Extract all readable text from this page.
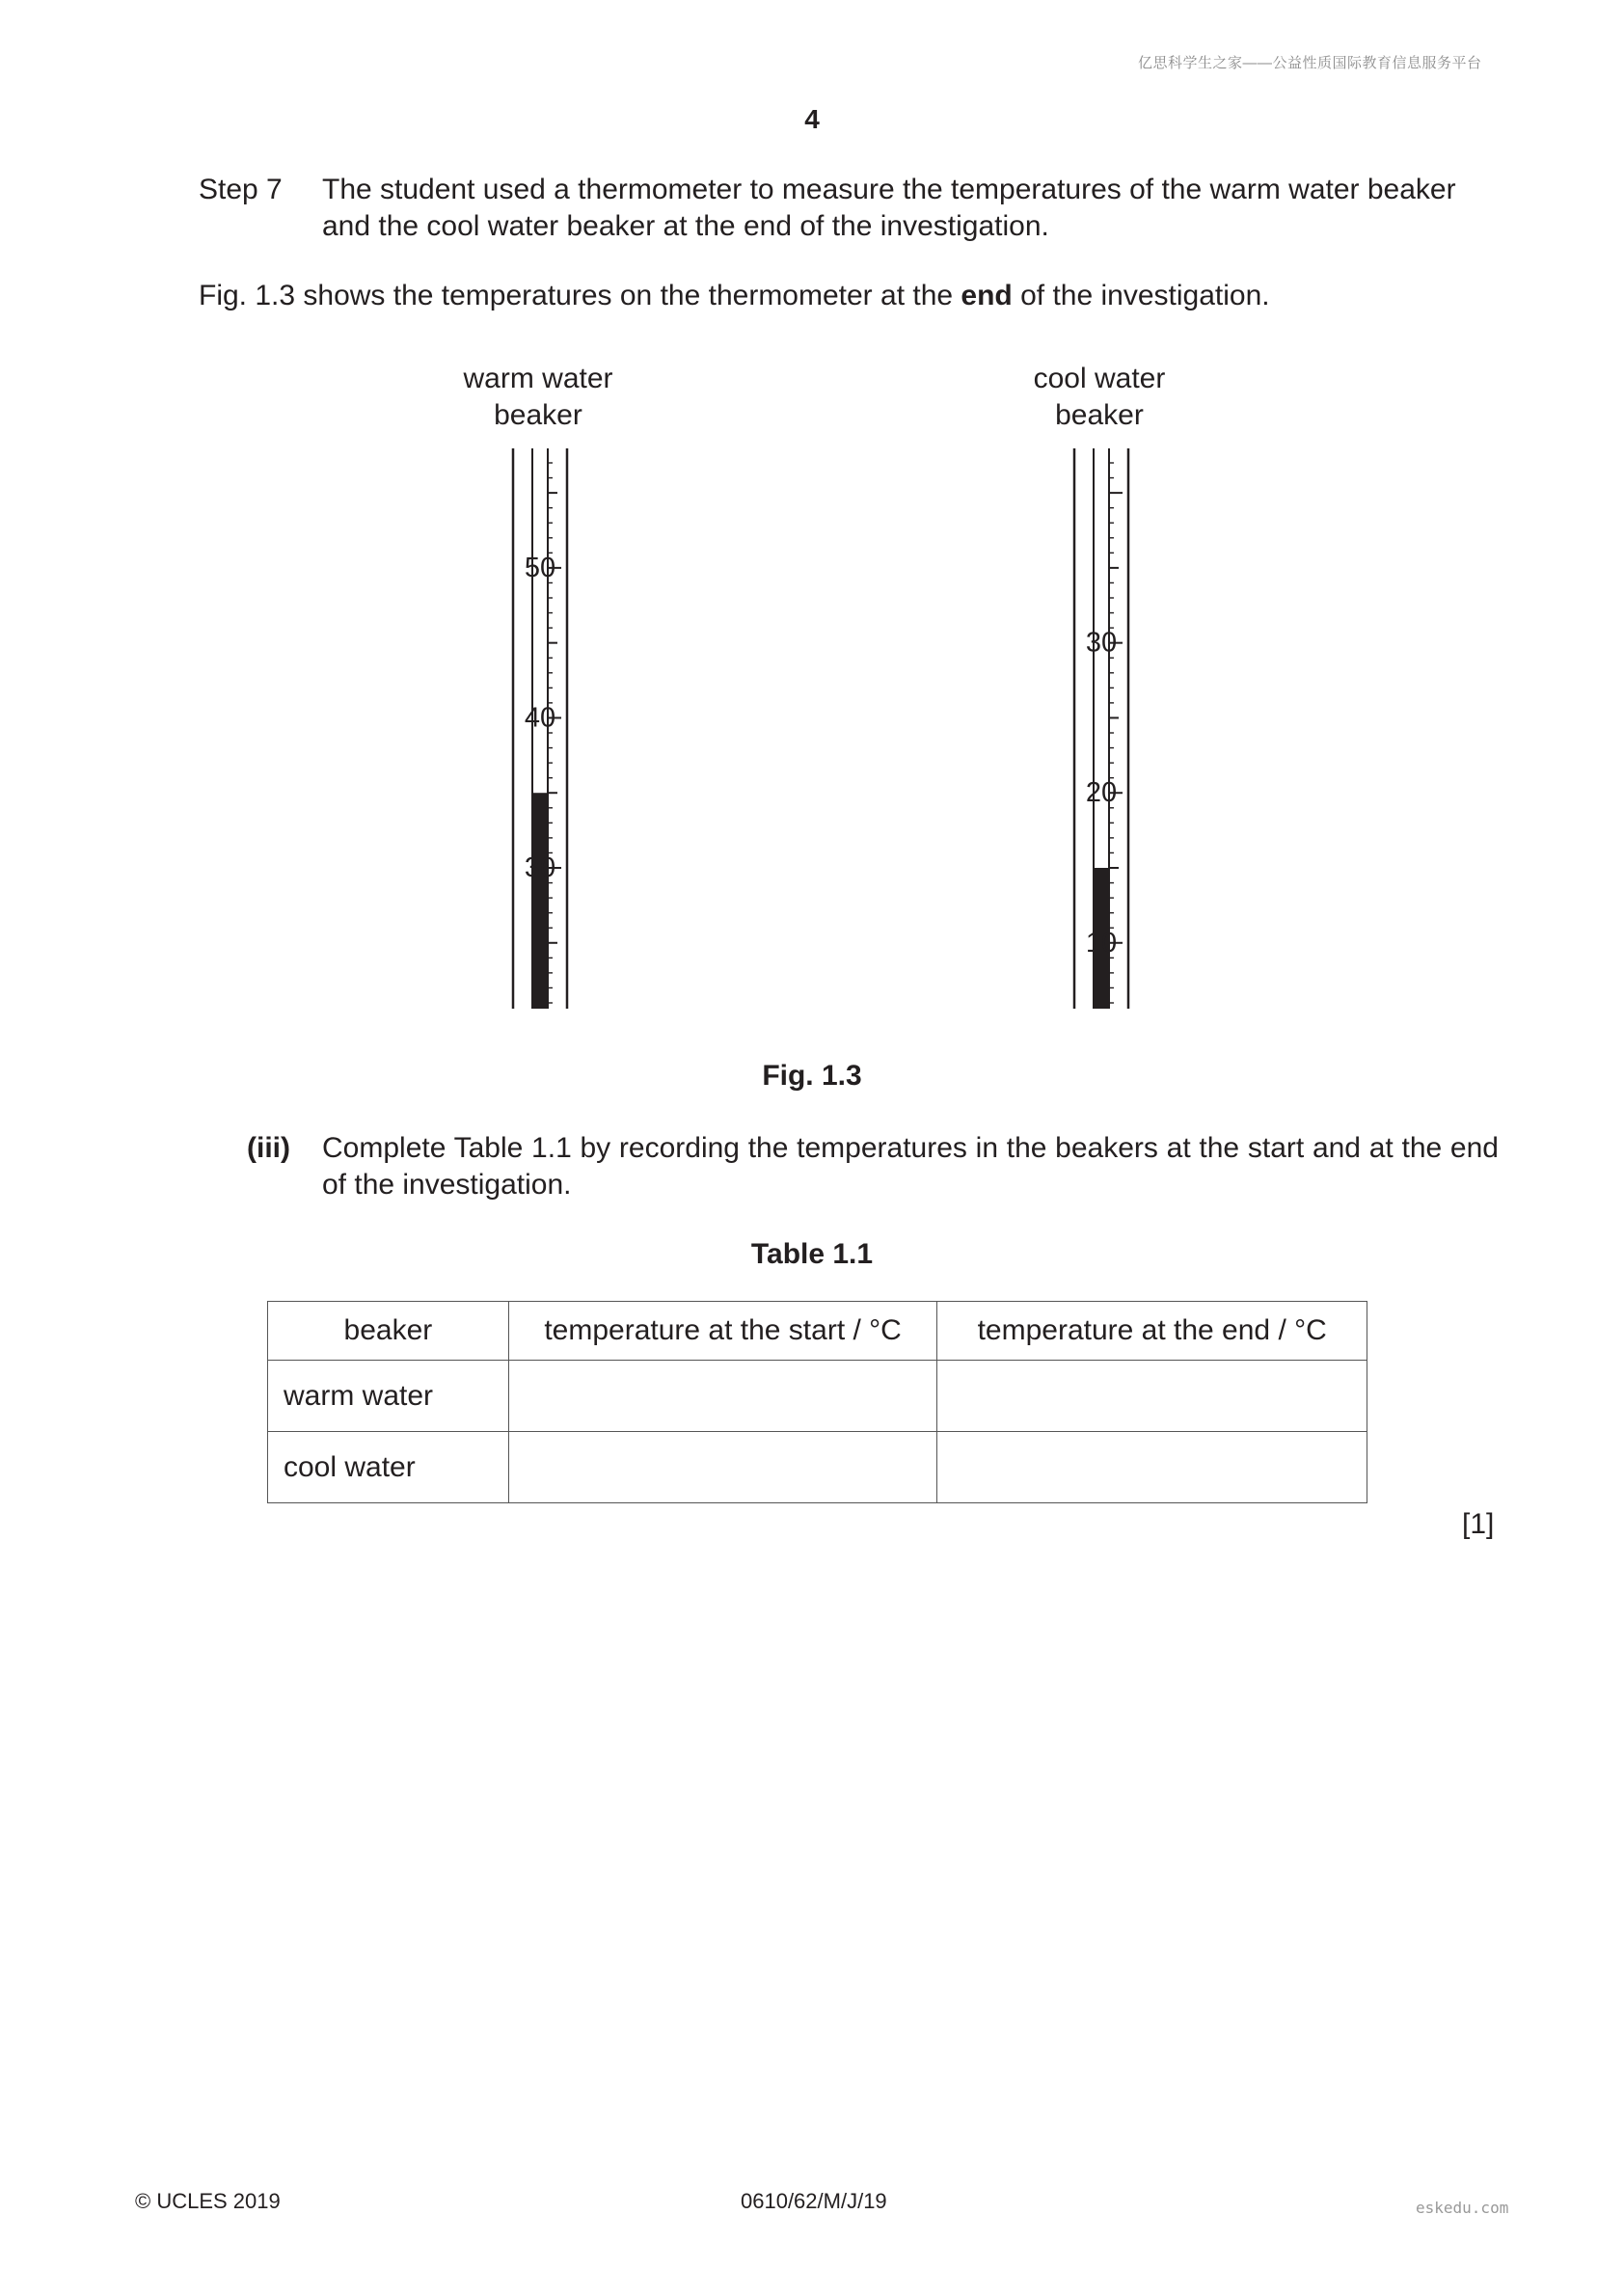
亿思科学生之家——公益性质国际教育信息服务平台
4
Step 7 The student used a thermometer to measure the temperatures of the warm water beaker and the cool water beaker at the end of the investigation.
Fig. 1.3 shows the temperatures on the thermometer at the end of the investigation.
warm water
beaker
cool water
beaker
50
40
30
30
20
10
Fig. 1.3
(iii) Complete Table 1.1 by recording the temperatures in the beakers at the start and at the end of the investigation.
Table 1.1
beaker	temperature at the start / °C	temperature at the end / °C
warm water		
cool water		
[1]
© UCLES 2019	0610/62/M/J/19	eskedu.com
